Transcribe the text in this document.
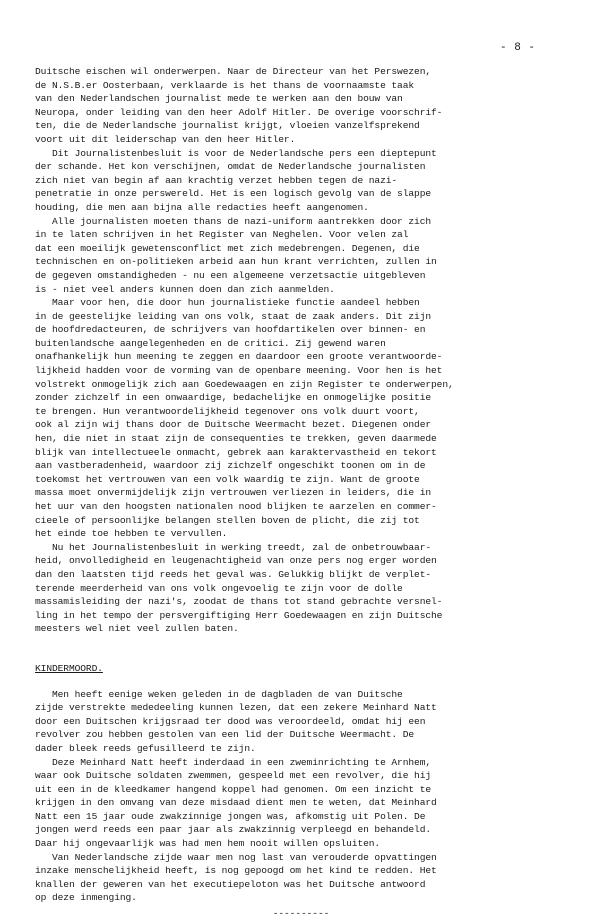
- 8 -
Duitsche eischen wil onderwerpen. Naar de Directeur van het Perswezen,
de N.S.B.er Oosterbaan, verklaarde is het thans de voornaamste taak
van den Nederlandschen journalist mede te werken aan den bouw van
Neuropa, onder leiding van den heer Adolf Hitler. De overige voorschrif-
ten, die de Nederlandsche journalist krijgt, vloeien vanzelfsprekend
voort uit dit leiderschap van den heer Hitler.
Dit Journalistenbesluit is voor de Nederlandsche pers een dieptepunt
der schande. Het kon verschijnen, omdat de Nederlandsche journalisten
zich niet van begin af aan krachtig verzet hebben tegen de nazi-
penetratie in onze perswereld. Het is een logisch gevolg van de slappe
houding, die men aan bijna alle redacties heeft aangenomen.
Alle journalisten moeten thans de nazi-uniform aantrekken door zich
in te laten schrijven in het Register van Neghelen. Voor velen zal
dat een moeilijk gewetensconflict met zich medebrengen. Degenen, die
technischen en on-politieken arbeid aan hun krant verrichten, zullen in
de gegeven omstandigheden - nu een algemeene verzetsactie uitgebleven
is - niet veel anders kunnen doen dan zich aanmelden.
Maar voor hen, die door hun journalistieke functie aandeel hebben
in de geestelijke leiding van ons volk, staat de zaak anders. Dit zijn
de hoofdredacteuren, de schrijvers van hoofdartikelen over binnen- en
buitenlandsche aangelegenheden en de critici. Zij gewend waren
onafhankelijk hun meening te zeggen en daardoor een groote verantwoorde-
lijkheid hadden voor de vorming van de openbare meening. Voor hen is het
volstrekt onmogelijk zich aan Goedewaagen en zijn Register te onderwerpen,
zonder zichzelf in een onwaardige, bedachelijke en onmogelijke positie
te brengen. Hun verantwoordelijkheid tegenover ons volk duurt voort,
ook al zijn wij thans door de Duitsche Weermacht bezet. Diegenen onder
hen, die niet in staat zijn de consequenties te trekken, geven daarmede
blijk van intellectueele onmacht, gebrek aan karaktervastheid en tekort
aan vastberadenheid, waardoor zij zichzelf ongeschikt toonen om in de
toekomst het vertrouwen van een volk waardig te zijn. Want de groote
massa moet onvermijdelijk zijn vertrouwen verliezen in leiders, die in
het uur van den hoogsten nationalen nood blijken te aarzelen en commer-
cieele of persoonlijke belangen stellen boven de plicht, die zij tot
het einde toe hebben te vervullen.
Nu het Journalistenbesluit in werking treedt, zal de onbetrouwbaar-
heid, onvolledigheid en leugenachtigheid van onze pers nog erger worden
dan den laatsten tijd reeds het geval was. Gelukkig blijkt de verplet-
terende meerderheid van ons volk ongevoelig te zijn voor de dolle
massamisleiding der nazi's, zoodat de thans tot stand gebrachte versnel-
ling in het tempo der persvergiftiging Herr Goedewaagen en zijn Duitsche
meesters wel niet veel zullen baten.
KINDERMOORD.
Men heeft eenige weken geleden in de dagbladen de van Duitsche
zijde verstrekte mededeeling kunnen lezen, dat een zekere Meinhard Natt
door een Duitschen krijgsraad ter dood was veroordeeld, omdat hij een
revolver zou hebben gestolen van een lid der Duitsche Weermacht. De
dader bleek reeds gefusilleerd te zijn.
Deze Meinhard Natt heeft inderdaad in een zweminrichting te Arnhem,
waar ook Duitsche soldaten zwemmen, gespeeld met een revolver, die hij
uit een in de kleedkamer hangend koppel had genomen. Om een inzicht te
krijgen in den omvang van deze misdaad dient men te weten, dat Meinhard
Natt een 15 jaar oude zwakzinnige jongen was, afkomstig uit Polen. De
jongen werd reeds een paar jaar als zwakzinnig verpleegd en behandeld.
Daar hij ongevaarlijk was had men hem nooit willen opsluiten.
Van Nederlandsche zijde waar men nog last van verouderde opvattingen
inzake menschelijkheid heeft, is nog gepoogd om het kind te redden. Het
knallen der geweren van het executiepeloton was het Duitsche antwoord
op deze inmenging.
----------
